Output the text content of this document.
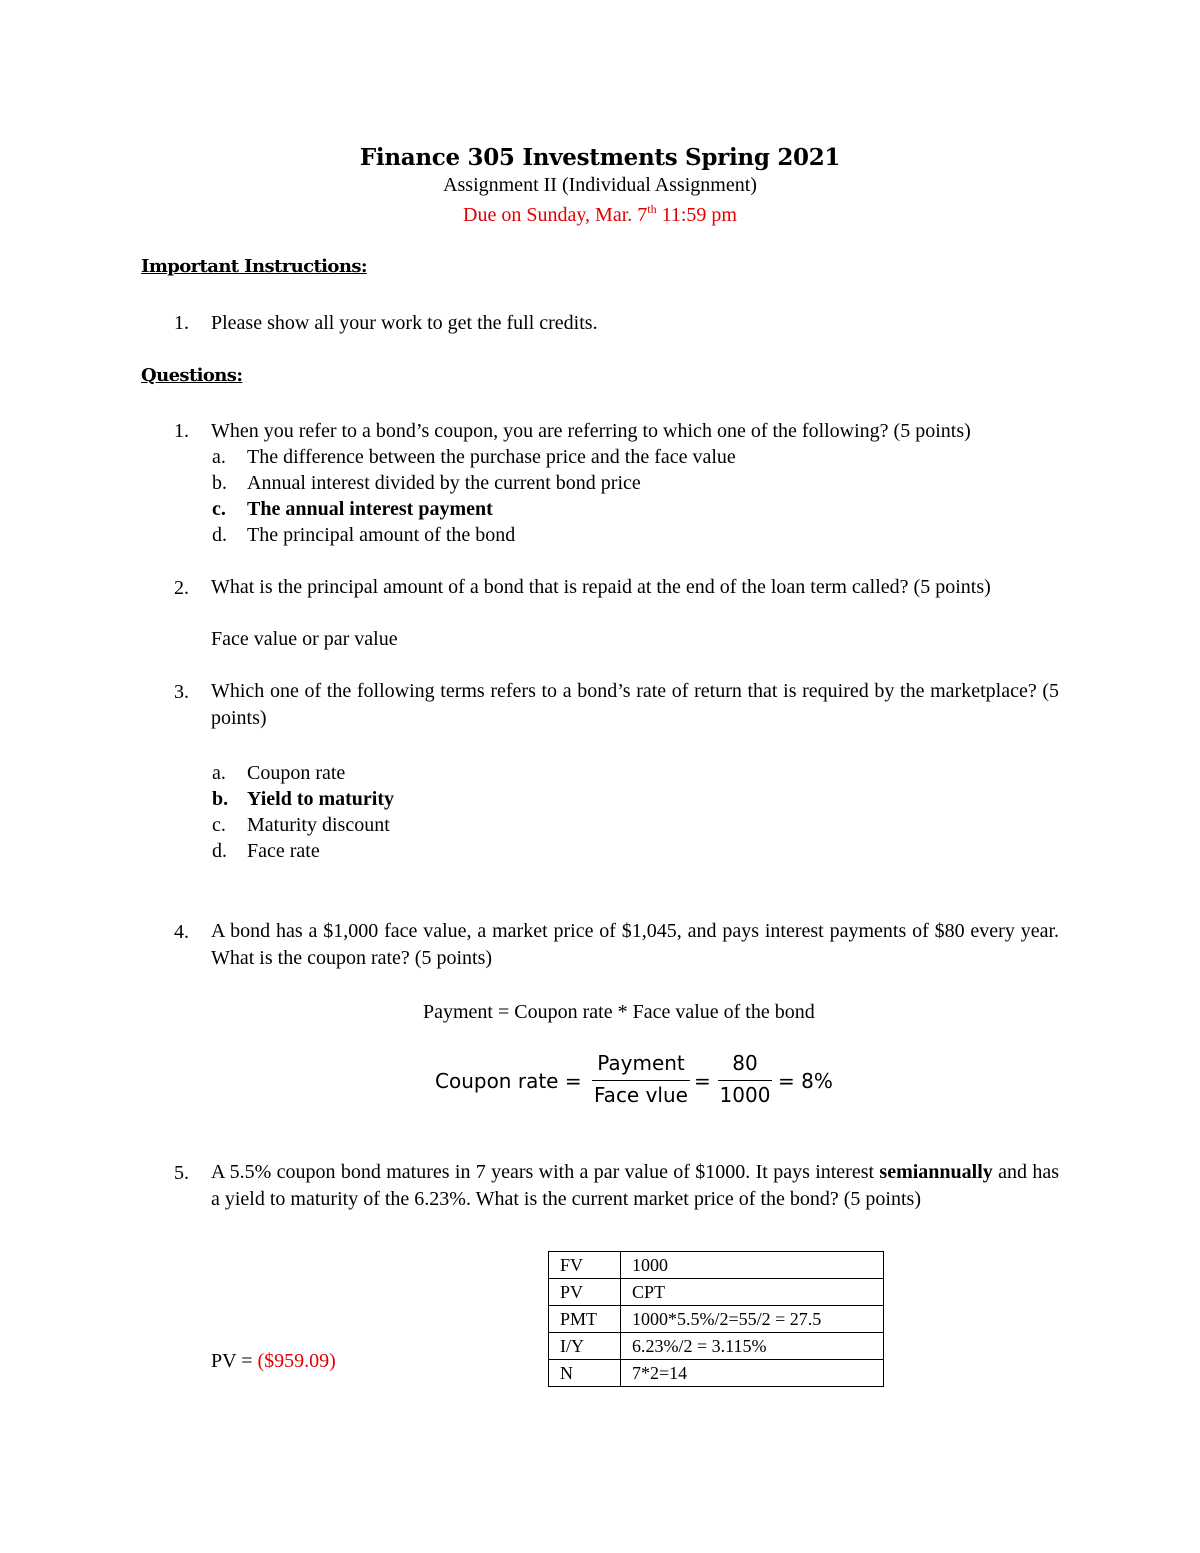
Finance 305 Investments Spring 2021
Assignment II (Individual Assignment)
Due on Sunday, Mar. 7th 11:59 pm
Important Instructions:
1. Please show all your work to get the full credits.
Questions:
1. When you refer to a bond’s coupon, you are referring to which one of the following? (5 points)
a. The difference between the purchase price and the face value
b. Annual interest divided by the current bond price
c. The annual interest payment
d. The principal amount of the bond
2. What is the principal amount of a bond that is repaid at the end of the loan term called? (5 points)
Face value or par value
3. Which one of the following terms refers to a bond’s rate of return that is required by the marketplace? (5 points)
a. Coupon rate
b. Yield to maturity
c. Maturity discount
d. Face rate
4. A bond has a $1,000 face value, a market price of $1,045, and pays interest payments of $80 every year. What is the coupon rate? (5 points)
Payment = Coupon rate * Face value of the bond
Coupon rate =
Payment
Face vlue
=
80
1000
= 8%
5. A 5.5% coupon bond matures in 7 years with a par value of $1000. It pays interest semiannually and has a yield to maturity of the 6.23%. What is the current market price of the bond? (5 points)
PV = ($959.09)
FV	1000
PV	CPT
PMT	1000*5.5%/2=55/2 = 27.5
I/Y	6.23%/2 = 3.115%
N	7*2=14
